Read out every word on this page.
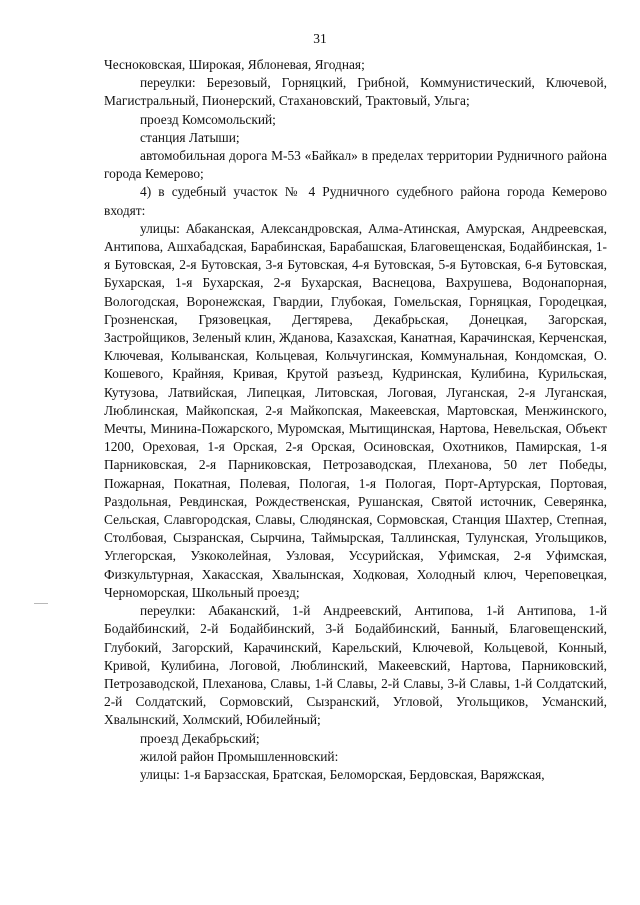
31

Чесноковская, Широкая, Яблоневая, Ягодная;

переулки: Березовый, Горняцкий, Грибной, Коммунистический, Ключевой, Магистральный, Пионерский, Стахановский, Трактовый, Ульга;

проезд Комсомольский;

станция Латыши;

автомобильная дорога М-53 «Байкал» в пределах территории Рудничного района города Кемерово;

4) в судебный участок № 4 Рудничного судебного района города Кемерово входят:

улицы: Абаканская, Александровская, Алма-Атинская, Амурская, Андреевская, Антипова, Ашхабадская, Барабинская, Барабашская, Благовещенская, Бодайбинская, 1-я Бутовская, 2-я Бутовская, 3-я Бутовская, 4-я Бутовская, 5-я Бутовская, 6-я Бутовская, Бухарская, 1-я Бухарская, 2-я Бухарская, Васнецова, Вахрушева, Водонапорная, Вологодская, Воронежская, Гвардии, Глубокая, Гомельская, Горняцкая, Городецкая, Грозненская, Грязовецкая, Дегтярева, Декабрьская, Донецкая, Загорская, Застройщиков, Зеленый клин, Жданова, Казахская, Канатная, Карачинская, Керченская, Ключевая, Колыванская, Кольцевая, Кольчугинская, Коммунальная, Кондомская, О. Кошевого, Крайняя, Кривая, Крутой разъезд, Кудринская, Кулибина, Курильская, Кутузова, Латвийская, Липецкая, Литовская, Логовая, Луганская, 2-я Луганская, Люблинская, Майкопская, 2-я Майкопская, Макеевская, Мартовская, Менжинского, Мечты, Минина-Пожарского, Муромская, Мытищинская, Нартова, Невельская, Объект 1200, Ореховая, 1-я Орская, 2-я Орская, Осиновская, Охотников, Памирская, 1-я Парниковская, 2-я Парниковская, Петрозаводская, Плеханова, 50 лет Победы, Пожарная, Покатная, Полевая, Пологая, 1-я Пологая, Порт-Артурская, Портовая, Раздольная, Ревдинская, Рождественская, Рушанская, Святой источник, Северянка, Сельская, Славгородская, Славы, Слюдянская, Сормовская, Станция Шахтер, Степная, Столбовая, Сызранская, Сырчина, Таймырская, Таллинская, Тулунская, Угольщиков, Углегорская, Узкоколейная, Узловая, Уссурийская, Уфимская, 2-я Уфимская, Физкультурная, Хакасская, Хвалынская, Ходковая, Холодный ключ, Череповецкая, Черноморская, Школьный проезд;

переулки: Абаканский, 1-й Андреевский, Антипова, 1-й Антипова, 1-й Бодайбинский, 2-й Бодайбинский, 3-й Бодайбинский, Банный, Благовещенский, Глубокий, Загорский, Карачинский, Карельский, Ключевой, Кольцевой, Конный, Кривой, Кулибина, Логовой, Люблинский, Макеевский, Нартова, Парниковский, Петрозаводской, Плеханова, Славы, 1-й Славы, 2-й Славы, 3-й Славы, 1-й Солдатский, 2-й Солдатский, Сормовский, Сызранский, Угловой, Угольщиков, Усманский, Хвалынский, Холмский, Юбилейный;

проезд Декабрьский;

жилой район Промышленновский:

улицы: 1-я Барзасская, Братская, Беломорская, Бердовская, Варяжская,
